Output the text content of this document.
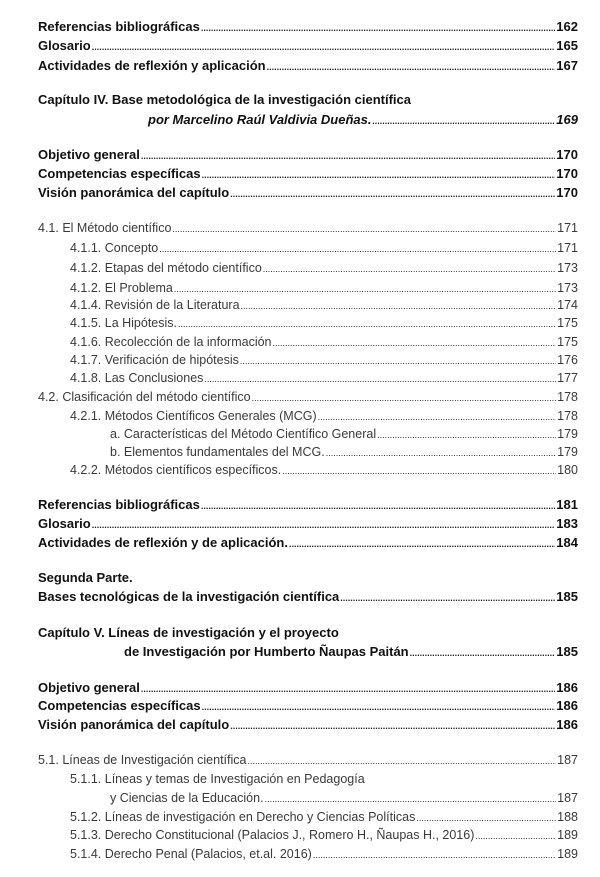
Referencias bibliográficas .....	162
Glosario .....	165
Actividades de reflexión y aplicación .....	167
Capítulo IV. Base metodológica de la investigación científica
por Marcelino Raúl Valdivia Dueñas. .....	169
Objetivo general .....	170
Competencias específicas .....	170
Visión panorámica del capítulo .....	170
4.1. El Método científico .....	171
4.1.1. Concepto .....	171
4.1.2. Etapas del método científico .....	173
4.1.2. El Problema .....	173
4.1.4. Revisión de la Literatura .....	174
4.1.5. La Hipótesis. .....	175
4.1.6. Recolección de la información .....	175
4.1.7. Verificación de hipótesis .....	176
4.1.8. Las Conclusiones .....	177
4.2. Clasificación del método científico .....	178
4.2.1. Métodos Científicos Generales (MCG) .....	178
a. Características del Método Científico General .....	179
b. Elementos fundamentales del MCG. .....	179
4.2.2. Métodos científicos específicos. .....	180
Referencias bibliográficas .....	181
Glosario .....	183
Actividades de reflexión y de aplicación. .....	184
Segunda Parte.
Bases tecnológicas de la investigación científica .....	185
Capítulo V. Líneas de investigación y el proyecto
de Investigación por Humberto Ñaupas Paitán .....	185
Objetivo general .....	186
Competencias específicas .....	186
Visión panorámica del capítulo .....	186
5.1. Líneas de Investigación científica .....	187
5.1.1. Líneas y temas de Investigación en Pedagogía
y Ciencias de la Educación. .....	187
5.1.2. Líneas de investigación en Derecho y Ciencias Políticas .....	188
5.1.3. Derecho Constitucional (Palacios J., Romero H., Ñaupas H., 2016) .....	189
5.1.4. Derecho Penal (Palacios, et.al. 2016) .....	189
